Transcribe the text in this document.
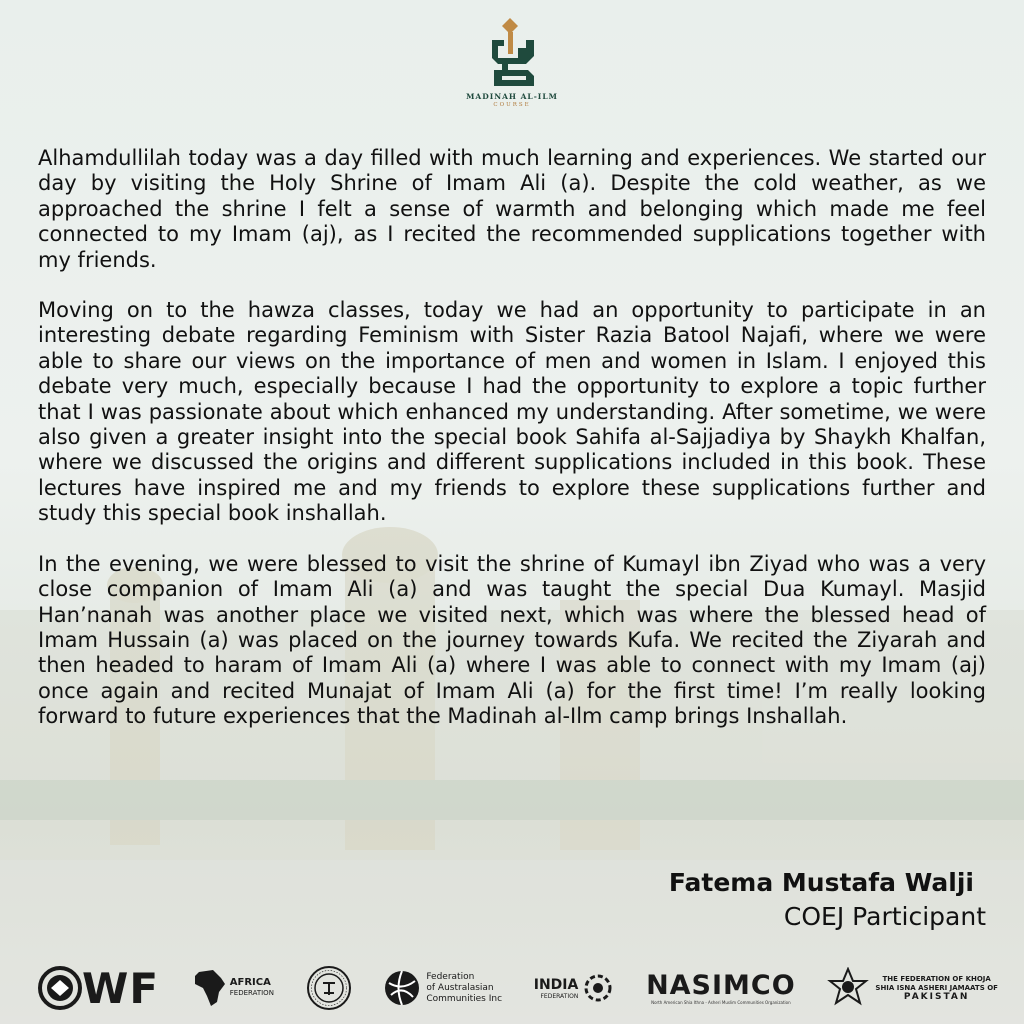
MADINAH AL-ILM
COURSE

Alhamdullilah today was a day filled with much learning and experiences. We started our day by visiting the Holy Shrine of Imam Ali (a). Despite the cold weather, as we approached the shrine I felt a sense of warmth and belonging which made me feel connected to my Imam (aj), as I recited the recommended supplications together with my friends.

Moving on to the hawza classes, today we had an opportunity to participate in an interesting debate regarding Feminism with Sister Razia Batool Najafi, where we were able to share our views on the importance of men and women in Islam. I enjoyed this debate very much, especially because I had the opportunity to explore a topic further that I was passionate about which enhanced my understanding. After sometime, we were also given a greater insight into the special book Sahifa al-Sajjadiya by Shaykh Khalfan, where we discussed the origins and different supplications included in this book. These lectures have inspired me and my friends to explore these supplications further and study this special book inshallah.

In the evening, we were blessed to visit the shrine of Kumayl ibn Ziyad who was a very close companion of Imam Ali (a) and was taught the special Dua Kumayl. Masjid Han’nanah was another place we visited next, which was where the blessed head of Imam Hussain (a) was placed on the journey towards Kufa. We recited the Ziyarah and then headed to haram of Imam Ali (a) where I was able to connect with my Imam (aj) once again and recited Munajat of Imam Ali (a) for the first time! I’m really looking forward to future experiences that the Madinah al-Ilm camp brings Inshallah.

Fatema Mustafa Walji
COEJ Participant
WF	AFRICA
FEDERATION
Federation
of Australasian
Communities Inc
INDIA
FEDERATION	NASIMCO
North American Shia Ithna - Asheri Muslim Communities Organization
THE FEDERATION OF KHOJA
SHIA ISNA ASHERI JAMAATS OF
PAKISTAN
